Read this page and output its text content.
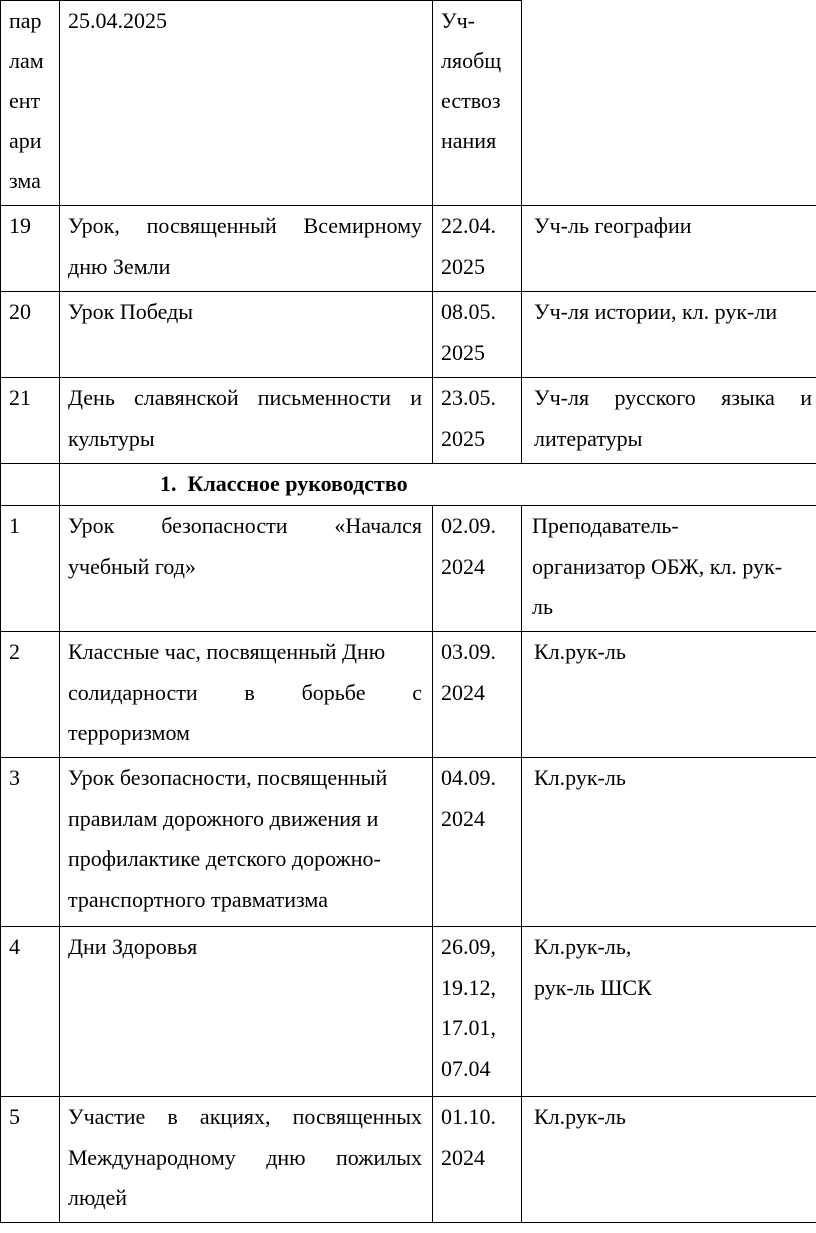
пар
лам
ент
ари
зма	25.04.2025	Уч-
ляобщ
ествоз
нания	

19	Урок, посвященный Всемирному
дню Земли	22.04.
2025	Уч-ль географии

20	Урок Победы	08.05.
2025	Уч-ля истории, кл. рук-ли

21	День славянской письменности и
культуры	23.05.
2025	Уч-ля русского языка и
литературы

	1. Классное руководство		
1	Урок безопасности «Начался
учебный год»	02.09.
2024	Преподаватель-
организатор ОБЖ, кл. рук-
ль

2	Классные час, посвященный Дню
солидарности в борьбе с
терроризмом	03.09.
2024	Кл.рук-ль

3	Урок безопасности, посвященный
правилам дорожного движения и
профилактике детского дорожно-
транспортного травматизма	04.09.
2024	Кл.рук-ль

4	Дни Здоровья	26.09,
19.12,
17.01,
07.04	Кл.рук-ль,
рук-ль ШСК

5	Участие в акциях, посвященных
Международному дню пожилых
людей	01.10.
2024	Кл.рук-ль
